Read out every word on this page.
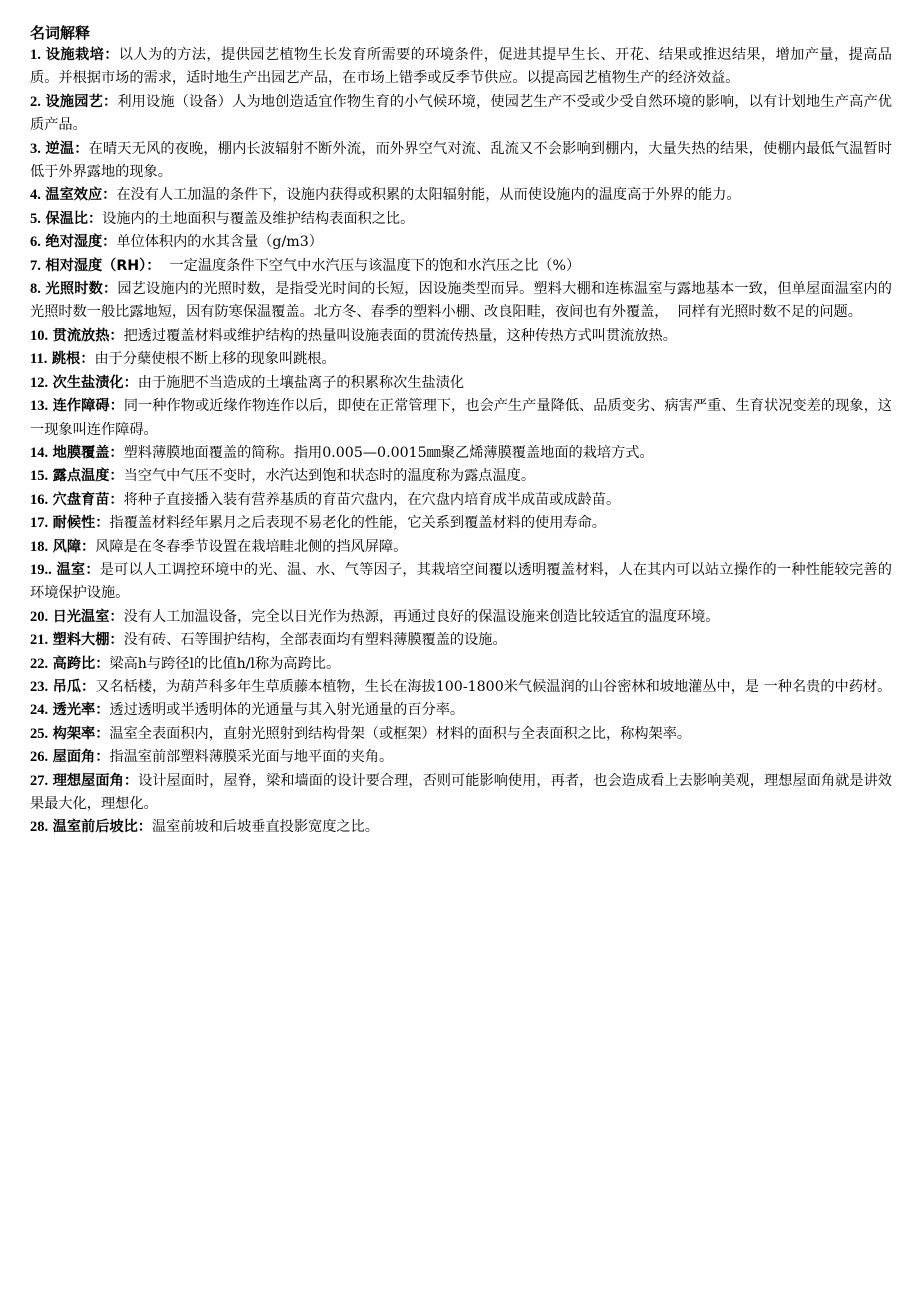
名词解释

1. 设施栽培：以人为的方法，提供园艺植物生长发育所需要的环境条件，促进其提早生长、开花、结果或推迟结果，增加产量，提高品质。并根据市场的需求，适时地生产出园艺产品，在市场上错季或反季节供应。以提高园艺植物生产的经济效益。

2. 设施园艺：利用设施（设备）人为地创造适宜作物生育的小气候环境，使园艺生产不受或少受自然环境的影响，以有计划地生产高产优质产品。

3. 逆温：在晴天无风的夜晚，棚内长波辐射不断外流，而外界空气对流、乱流又不会影响到棚内，大量失热的结果，使棚内最低气温暂时低于外界露地的现象。

4. 温室效应：在没有人工加温的条件下，设施内获得或积累的太阳辐射能，从而使设施内的温度高于外界的能力。

5. 保温比：设施内的土地面积与覆盖及维护结构表面积之比。

6. 绝对湿度：单位体积内的水其含量（g/m3）

7. 相对湿度（RH）：  一定温度条件下空气中水汽压与该温度下的饱和水汽压之比（%）

8. 光照时数：园艺设施内的光照时数，是指受光时间的长短，因设施类型而异。塑料大棚和连栋温室与露地基本一致，但单屋面温室内的光照时数一般比露地短，因有防寒保温覆盖。北方冬、春季的塑料小棚、改良阳畦，夜间也有外覆盖，  同样有光照时数不足的问题。

10. 贯流放热：把透过覆盖材料或维护结构的热量叫设施表面的贯流传热量，这种传热方式叫贯流放热。

11. 跳根：由于分蘖使根不断上移的现象叫跳根。

12. 次生盐渍化：由于施肥不当造成的土壤盐离子的积累称次生盐渍化

13. 连作障碍：同一种作物或近缘作物连作以后，即使在正常管理下，也会产生产量降低、品质变劣、病害严重、生育状况变差的现象，这一现象叫连作障碍。

14. 地膜覆盖：塑料薄膜地面覆盖的简称。指用0.005—0.0015㎜聚乙烯薄膜覆盖地面的栽培方式。

15. 露点温度：当空气中气压不变时，水汽达到饱和状态时的温度称为露点温度。

16. 穴盘育苗：将种子直接播入装有营养基质的育苗穴盘内，在穴盘内培育成半成苗或成龄苗。

17. 耐候性：指覆盖材料经年累月之后表现不易老化的性能，它关系到覆盖材料的使用寿命。

18. 风障：风障是在冬春季节设置在栽培畦北侧的挡风屏障。

19.. 温室：是可以人工调控环境中的光、温、水、气等因子，其栽培空间覆以透明覆盖材料，人在其内可以站立操作的一种性能较完善的环境保护设施。

20. 日光温室：没有人工加温设备，完全以日光作为热源，再通过良好的保温设施来创造比较适宜的温度环境。

21. 塑料大棚：没有砖、石等围护结构，全部表面均有塑料薄膜覆盖的设施。

22. 高跨比：梁高h与跨径l的比值h/l称为高跨比。

23. 吊瓜：又名栝楼，为葫芦科多年生草质藤本植物，生长在海拔100-1800米气候温润的山谷密林和坡地灌丛中，是 一种名贵的中药材。

24. 透光率：透过透明或半透明体的光通量与其入射光通量的百分率。

25. 构架率：温室全表面积内，直射光照射到结构骨架（或框架）材料的面积与全表面积之比，称构架率。

26. 屋面角：指温室前部塑料薄膜采光面与地平面的夹角。

27. 理想屋面角：设计屋面时，屋脊，梁和墙面的设计要合理，否则可能影响使用，再者，也会造成看上去影响美观，理想屋面角就是讲效果最大化，理想化。

28. 温室前后坡比：温室前坡和后坡垂直投影宽度之比。
